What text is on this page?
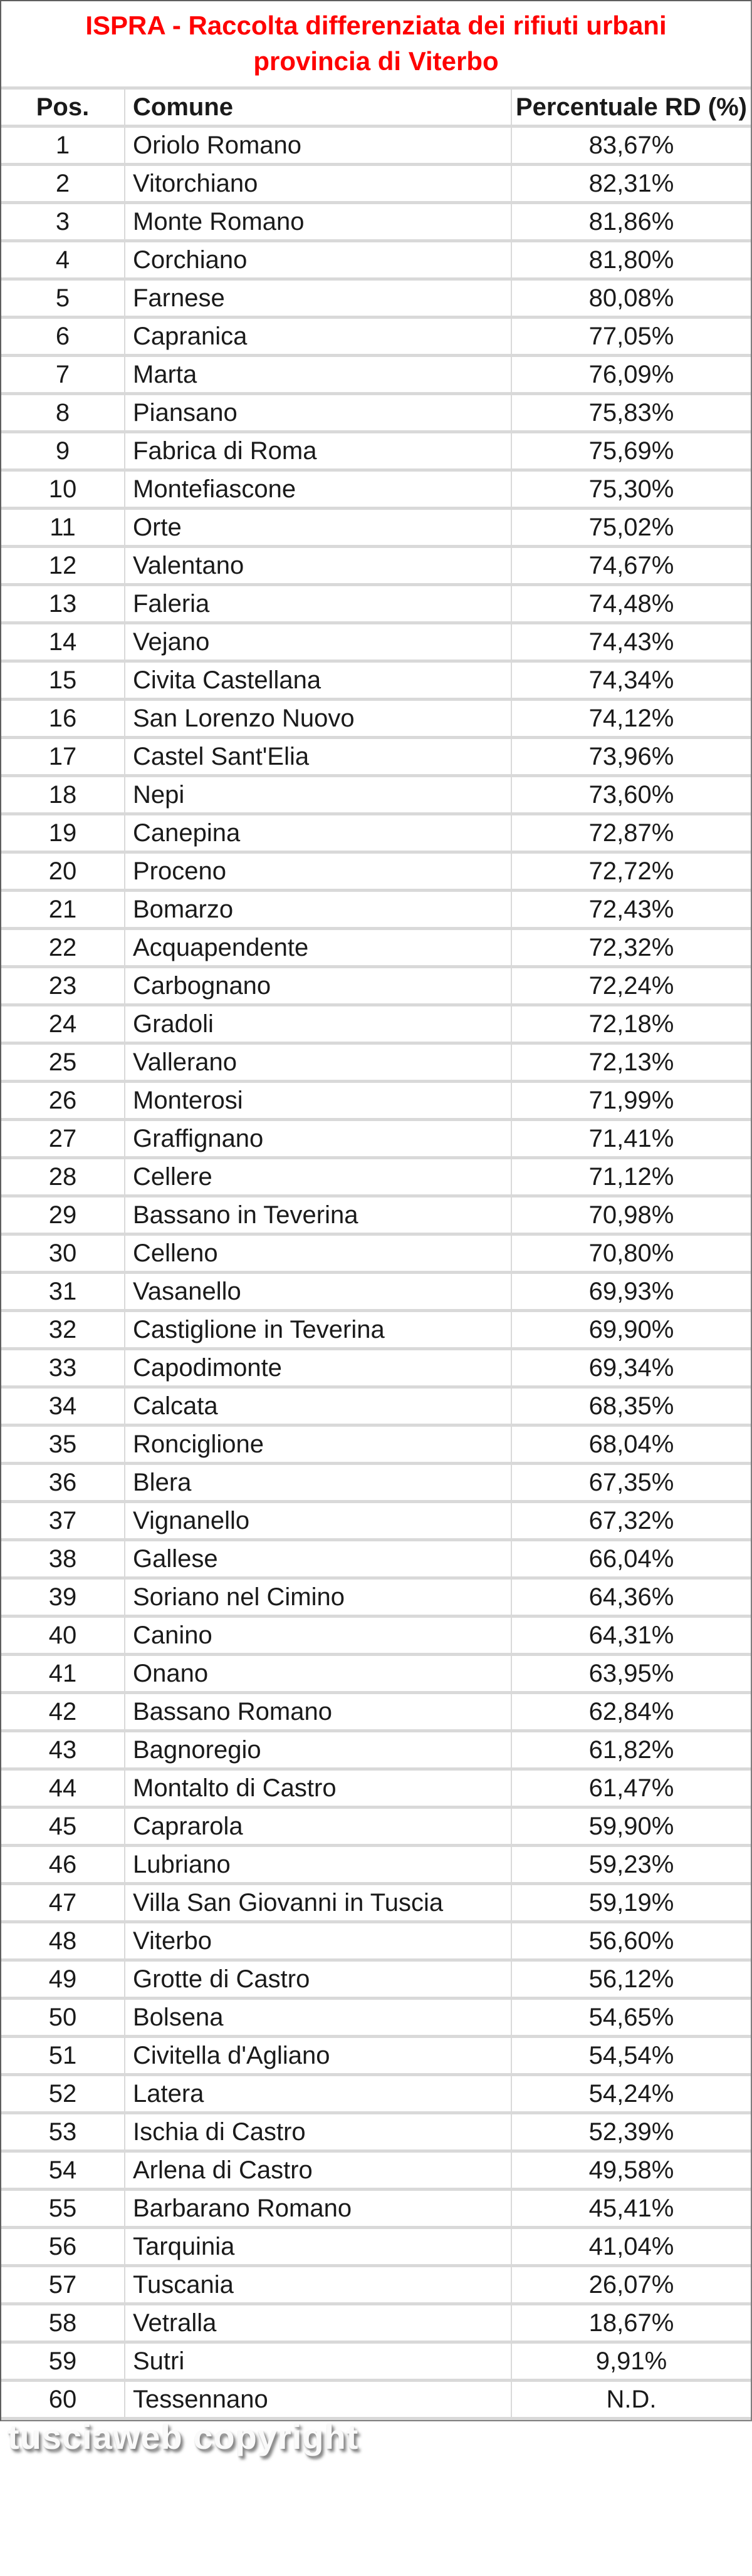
ISPRA - Raccolta differenziata dei rifiuti urbani
provincia di Viterbo
Pos.	Comune	Percentuale RD (%)
1	Oriolo Romano	83,67%
2	Vitorchiano	82,31%
3	Monte Romano	81,86%
4	Corchiano	81,80%
5	Farnese	80,08%
6	Capranica	77,05%
7	Marta	76,09%
8	Piansano	75,83%
9	Fabrica di Roma	75,69%
10	Montefiascone	75,30%
11	Orte	75,02%
12	Valentano	74,67%
13	Faleria	74,48%
14	Vejano	74,43%
15	Civita Castellana	74,34%
16	San Lorenzo Nuovo	74,12%
17	Castel Sant'Elia	73,96%
18	Nepi	73,60%
19	Canepina	72,87%
20	Proceno	72,72%
21	Bomarzo	72,43%
22	Acquapendente	72,32%
23	Carbognano	72,24%
24	Gradoli	72,18%
25	Vallerano	72,13%
26	Monterosi	71,99%
27	Graffignano	71,41%
28	Cellere	71,12%
29	Bassano in Teverina	70,98%
30	Celleno	70,80%
31	Vasanello	69,93%
32	Castiglione in Teverina	69,90%
33	Capodimonte	69,34%
34	Calcata	68,35%
35	Ronciglione	68,04%
36	Blera	67,35%
37	Vignanello	67,32%
38	Gallese	66,04%
39	Soriano nel Cimino	64,36%
40	Canino	64,31%
41	Onano	63,95%
42	Bassano Romano	62,84%
43	Bagnoregio	61,82%
44	Montalto di Castro	61,47%
45	Caprarola	59,90%
46	Lubriano	59,23%
47	Villa San Giovanni in Tuscia	59,19%
48	Viterbo	56,60%
49	Grotte di Castro	56,12%
50	Bolsena	54,65%
51	Civitella d'Agliano	54,54%
52	Latera	54,24%
53	Ischia di Castro	52,39%
54	Arlena di Castro	49,58%
55	Barbarano Romano	45,41%
56	Tarquinia	41,04%
57	Tuscania	26,07%
58	Vetralla	18,67%
59	Sutri	9,91%
60	Tessennano	N.D.
tusciaweb copyright
